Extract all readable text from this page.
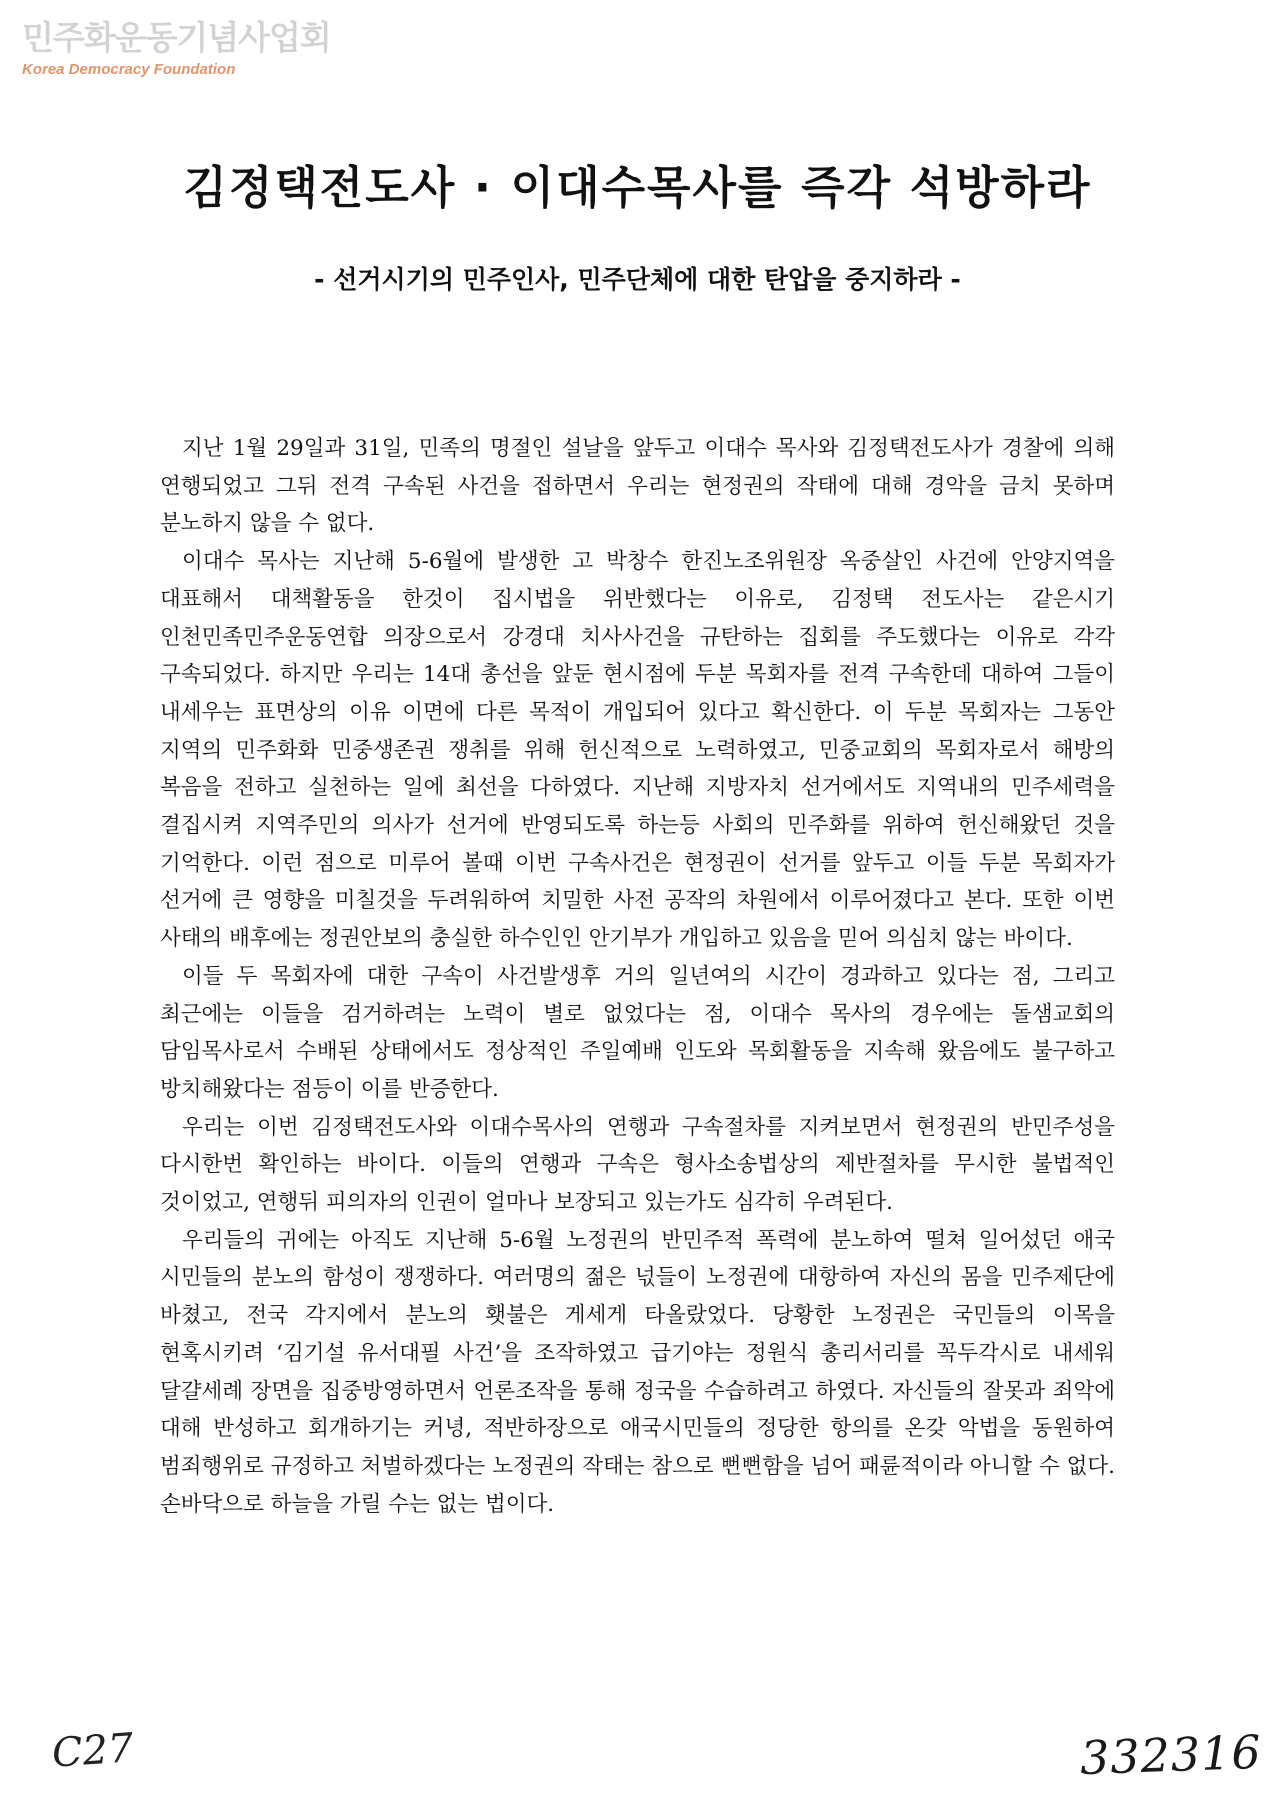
민주화운동기념사업회
Korea Democracy Foundation
김정택전도사 · 이대수목사를 즉각 석방하라
- 선거시기의 민주인사, 민주단체에 대한 탄압을 중지하라 -

지난 1월 29일과 31일, 민족의 명절인 설날을 앞두고 이대수 목사와 김정택전도사가 경찰에 의해 연행되었고 그뒤 전격 구속된 사건을 접하면서 우리는 현정권의 작태에 대해 경악을 금치 못하며 분노하지 않을 수 없다.

이대수 목사는 지난해 5-6월에 발생한 고 박창수 한진노조위원장 옥중살인 사건에 안양지역을 대표해서 대책활동을 한것이 집시법을 위반했다는 이유로, 김정택 전도사는 같은시기 인천민족민주운동연합 의장으로서 강경대 치사사건을 규탄하는 집회를 주도했다는 이유로 각각 구속되었다. 하지만 우리는 14대 총선을 앞둔 현시점에 두분 목회자를 전격 구속한데 대하여 그들이 내세우는 표면상의 이유 이면에 다른 목적이 개입되어 있다고 확신한다. 이 두분 목회자는 그동안 지역의 민주화화 민중생존권 쟁취를 위해 헌신적으로 노력하였고, 민중교회의 목회자로서 해방의 복음을 전하고 실천하는 일에 최선을 다하였다. 지난해 지방자치 선거에서도 지역내의 민주세력을 결집시켜 지역주민의 의사가 선거에 반영되도록 하는등 사회의 민주화를 위하여 헌신해왔던 것을 기억한다. 이런 점으로 미루어 볼때 이번 구속사건은 현정권이 선거를 앞두고 이들 두분 목회자가 선거에 큰 영향을 미칠것을 두려워하여 치밀한 사전 공작의 차원에서 이루어졌다고 본다. 또한 이번 사태의 배후에는 정권안보의 충실한 하수인인 안기부가 개입하고 있음을 믿어 의심치 않는 바이다.

이들 두 목회자에 대한 구속이 사건발생후 거의 일년여의 시간이 경과하고 있다는 점, 그리고 최근에는 이들을 검거하려는 노력이 별로 없었다는 점, 이대수 목사의 경우에는 돌샘교회의 담임목사로서 수배된 상태에서도 정상적인 주일예배 인도와 목회활동을 지속해 왔음에도 불구하고 방치해왔다는 점등이 이를 반증한다.

우리는 이번 김정택전도사와 이대수목사의 연행과 구속절차를 지켜보면서 현정권의 반민주성을 다시한번 확인하는 바이다. 이들의 연행과 구속은 형사소송법상의 제반절차를 무시한 불법적인 것이었고, 연행뒤 피의자의 인권이 얼마나 보장되고 있는가도 심각히 우려된다.

우리들의 귀에는 아직도 지난해 5-6월 노정권의 반민주적 폭력에 분노하여 떨쳐 일어섰던 애국 시민들의 분노의 함성이 쟁쟁하다. 여러명의 젊은 넋들이 노정권에 대항하여 자신의 몸을 민주제단에 바쳤고, 전국 각지에서 분노의 횃불은 게세게 타올랐었다. 당황한 노정권은 국민들의 이목을 현혹시키려 ‘김기설 유서대필 사건’을 조작하였고 급기야는 정원식 총리서리를 꼭두각시로 내세워 달걀세례 장면을 집중방영하면서 언론조작을 통해 정국을 수습하려고 하였다. 자신들의 잘못과 죄악에 대해 반성하고 회개하기는 커녕, 적반하장으로 애국시민들의 정당한 항의를 온갖 악법을 동원하여 범죄행위로 규정하고 처벌하겠다는 노정권의 작태는 참으로 뻔뻔함을 넘어 패륜적이라 아니할 수 없다. 손바닥으로 하늘을 가릴 수는 없는 법이다.

C27	332316
